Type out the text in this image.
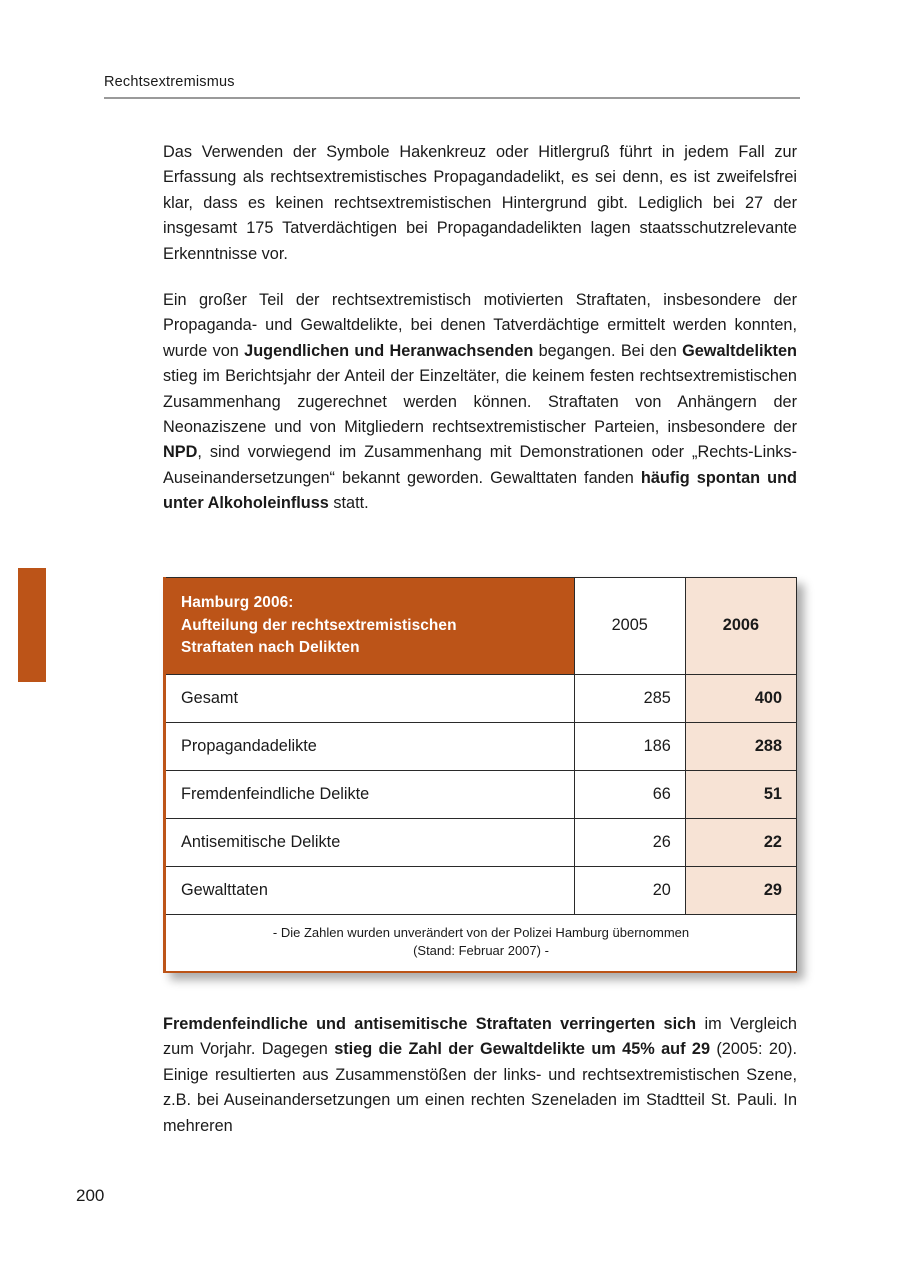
Rechtsextremismus

Das Verwenden der Symbole Hakenkreuz oder Hitlergruß führt in jedem Fall zur Erfassung als rechtsextremistisches Propagandadelikt, es sei denn, es ist zweifelsfrei klar, dass es keinen rechtsextremistischen Hintergrund gibt. Lediglich bei 27 der insgesamt 175 Tatverdächtigen bei Propagandadelikten lagen staatsschutzrelevante Erkenntnisse vor.

Ein großer Teil der rechtsextremistisch motivierten Straftaten, insbesondere der Propaganda- und Gewaltdelikte, bei denen Tatverdächtige ermittelt werden konnten, wurde von Jugendlichen und Heranwachsenden begangen. Bei den Gewaltdelikten stieg im Berichtsjahr der Anteil der Einzeltäter, die keinem festen rechtsextremistischen Zusammenhang zugerechnet werden können. Straftaten von Anhängern der Neonaziszene und von Mitgliedern rechtsextremistischer Parteien, insbesondere der NPD, sind vorwiegend im Zusammenhang mit Demonstrationen oder „Rechts-Links-Auseinandersetzungen“ bekannt geworden. Gewalttaten fanden häufig spontan und unter Alkoholeinfluss statt.

Hamburg 2006:
Aufteilung der rechtsextremistischen
Straftaten nach Delikten	2005	2006
Gesamt	285	400
Propagandadelikte	186	288
Fremdenfeindliche Delikte	66	51
Antisemitische Delikte	26	22
Gewalttaten	20	29

- Die Zahlen wurden unverändert von der Polizei Hamburg übernommen
(Stand: Februar 2007) -		

Fremdenfeindliche und antisemitische Straftaten verringerten sich im Vergleich zum Vorjahr. Dagegen stieg die Zahl der Gewaltdelikte um 45% auf 29 (2005: 20). Einige resultierten aus Zusammenstößen der links- und rechtsextremistischen Szene, z.B. bei Auseinandersetzungen um einen rechten Szeneladen im Stadtteil St. Pauli. In mehreren

200
